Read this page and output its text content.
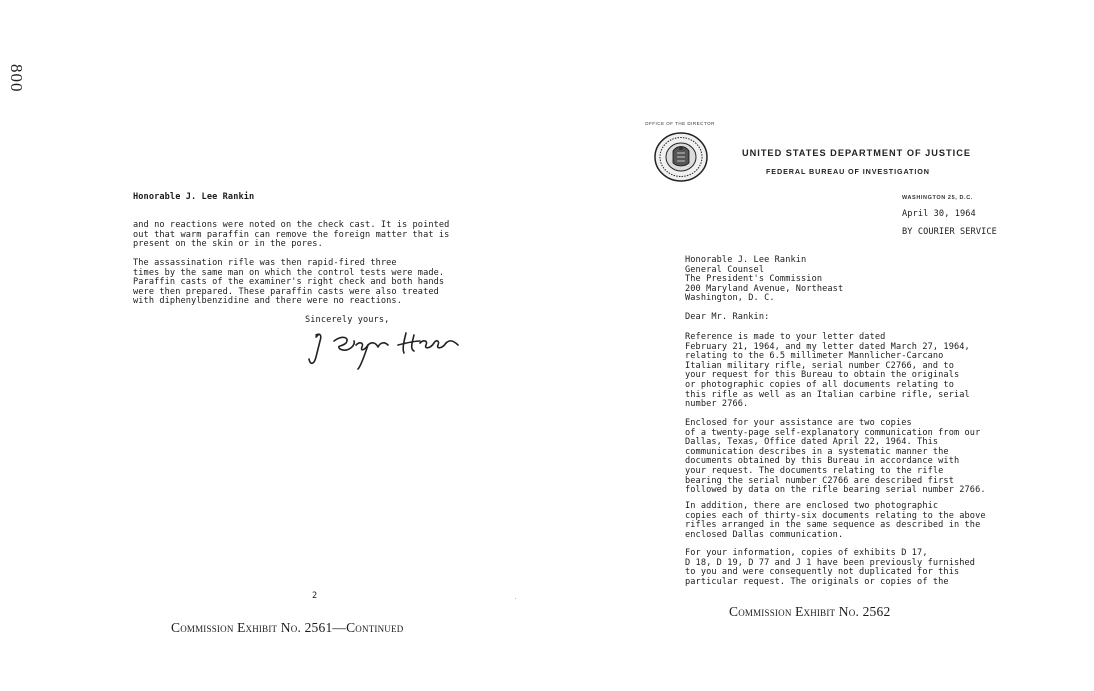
800
Honorable J. Lee Rankin
and no reactions were noted on the check cast. It is pointed
out that warm paraffin can remove the foreign matter that is
present on the skin or in the pores.
The assassination rifle was then rapid-fired three
times by the same man on which the control tests were made.
Paraffin casts of the examiner's right check and both hands
were then prepared. These paraffin casts were also treated
with diphenylbenzidine and there were no reactions.
Sincerely yours,
2
Commission Exhibit No. 2561—Continued
OFFICE OF THE DIRECTOR
UNITED STATES DEPARTMENT OF JUSTICE
FEDERAL BUREAU OF INVESTIGATION
WASHINGTON 25, D.C.
April 30, 1964
BY COURIER SERVICE
Honorable J. Lee Rankin
General Counsel
The President's Commission
200 Maryland Avenue, Northeast
Washington, D. C.
Dear Mr. Rankin:
Reference is made to your letter dated
February 21, 1964, and my letter dated March 27, 1964,
relating to the 6.5 millimeter Mannlicher-Carcano
Italian military rifle, serial number C2766, and to
your request for this Bureau to obtain the originals
or photographic copies of all documents relating to
this rifle as well as an Italian carbine rifle, serial
number 2766.
Enclosed for your assistance are two copies
of a twenty-page self-explanatory communication from our
Dallas, Texas, Office dated April 22, 1964. This
communication describes in a systematic manner the
documents obtained by this Bureau in accordance with
your request. The documents relating to the rifle
bearing the serial number C2766 are described first
followed by data on the rifle bearing serial number 2766.
In addition, there are enclosed two photographic
copies each of thirty-six documents relating to the above
rifles arranged in the same sequence as described in the
enclosed Dallas communication.
For your information, copies of exhibits D 17,
D 18, D 19, D 77 and J 1 have been previously furnished
to you and were consequently not duplicated for this
particular request. The originals or copies of the
Commission Exhibit No. 2562
